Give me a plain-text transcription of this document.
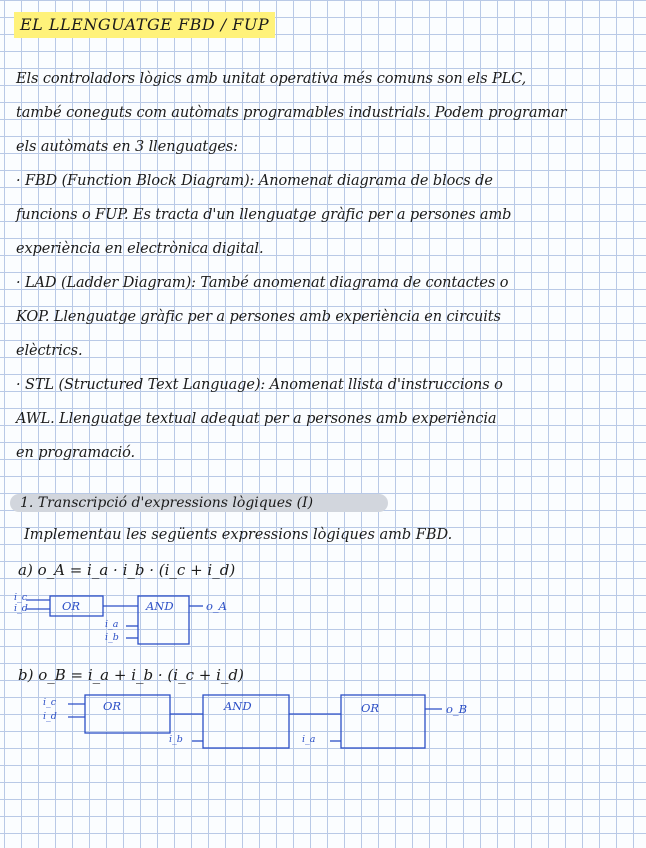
EL LLENGUATGE FBD / FUP
Els controladors lògics amb unitat operativa més comuns son els PLC,
també coneguts com autòmats programables industrials. Podem programar
els autòmats en 3 llenguatges:
· FBD (Function Block Diagram): Anomenat diagrama de blocs de
funcions o FUP. Es tracta d'un llenguatge gràfic per a persones amb
experiència en electrònica digital.
· LAD (Ladder Diagram): També anomenat diagrama de contactes o
KOP. Llenguatge gràfic per a persones amb experiència en circuits
elèctrics.
· STL (Structured Text Language): Anomenat llista d'instruccions o
AWL. Llenguatge textual adequat per a persones amb experiència
en programació.
1. Transcripció d'expressions lògiques (I)
Implementau les següents expressions lògiques amb FBD.
a) o_A = i_a · i_b · (i_c + i_d)
i_c
i_d	OR	AND
i_a
i_b
o_A
b) o_B = i_a + i_b · (i_c + i_d)
i_c
i_d
OR
i_b
AND
i_a
OR	o_B
